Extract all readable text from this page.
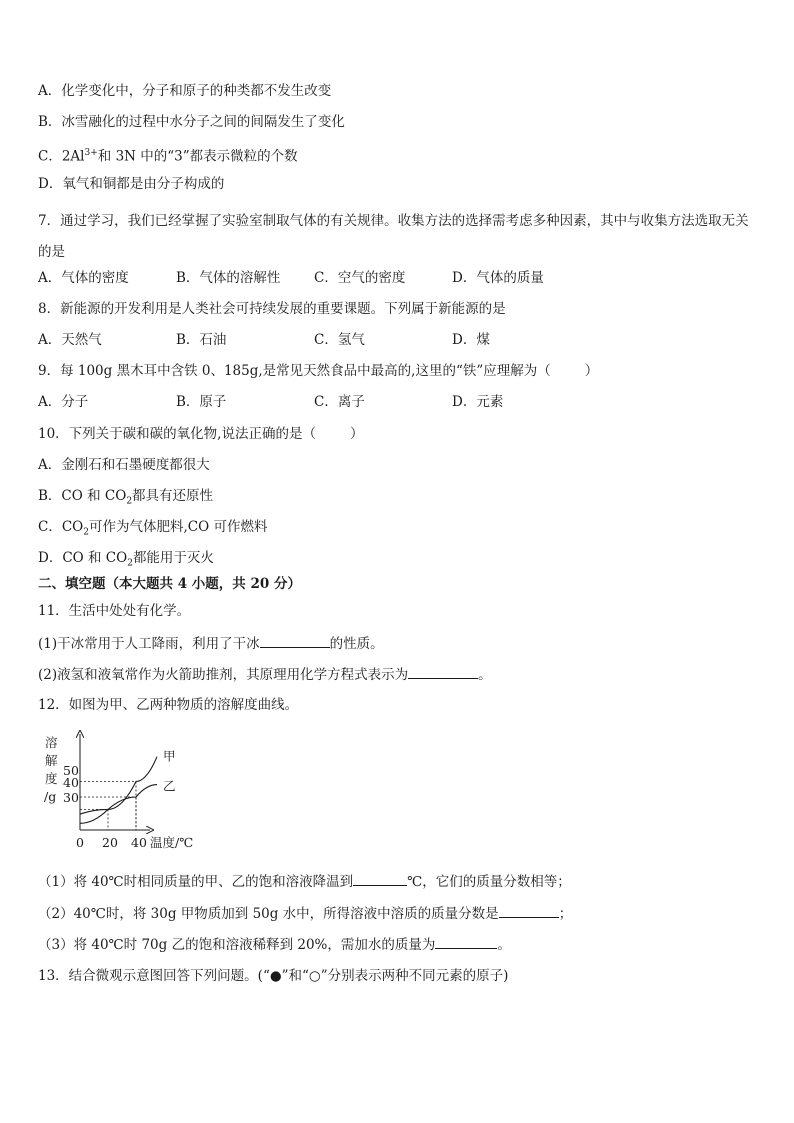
A．化学变化中，分子和原子的种类都不发生改变
B．冰雪融化的过程中水分子之间的间隔发生了变化
C．$2Al^{3+}$和 3N 中的“3”都表示微粒的个数
D．氧气和铜都是由分子构成的
7．通过学习，我们已经掌握了实验室制取气体的有关规律。收集方法的选择需考虑多种因素，其中与收集方法选取无关的是
A．气体的密度	B．气体的溶解性 C．空气的密度	D．气体的质量
8．新能源的开发利用是人类社会可持续发展的重要课题。下列属于新能源的是
A．天然气	B．石油	C．氢气	D．煤
9．每 100g 黑木耳中含铁 0、185g,是常见天然食品中最高的,这里的“铁”应理解为（	）
A．分子	B．原子	C．离子	D．元素
10．下列关于碳和碳的氧化物,说法正确的是（	）
A．金刚石和石墨硬度都很大
B．CO 和 $CO_2$都具有还原性
C．$CO_2$可作为气体肥料,CO 可作燃料
D．CO 和 $CO_2$都能用于灭火
二、填空题（本大题共 4 小题，共 20 分）
11．生活中处处有化学。
(1)干冰常用于人工降雨，利用了干冰	的性质。
(2)液氢和液氧常作为火箭助推剂，其原理用化学方程式表示为	。
12．如图为甲、乙两种物质的溶解度曲线。
溶
解
度
/g 30
40
50
0 20 40 温度/℃
甲
乙
（1）将 40℃时相同质量的甲、乙的饱和溶液降温到	℃，它们的质量分数相等；
（2）40℃时，将 30g 甲物质加到 50g 水中，所得溶液中溶质的质量分数是	；
（3）将 40℃时 70g 乙的饱和溶液稀释到 20%，需加水的质量为	。
13．结合微观示意图回答下列问题。(“●”和“○”分别表示两种不同元素的原子)
